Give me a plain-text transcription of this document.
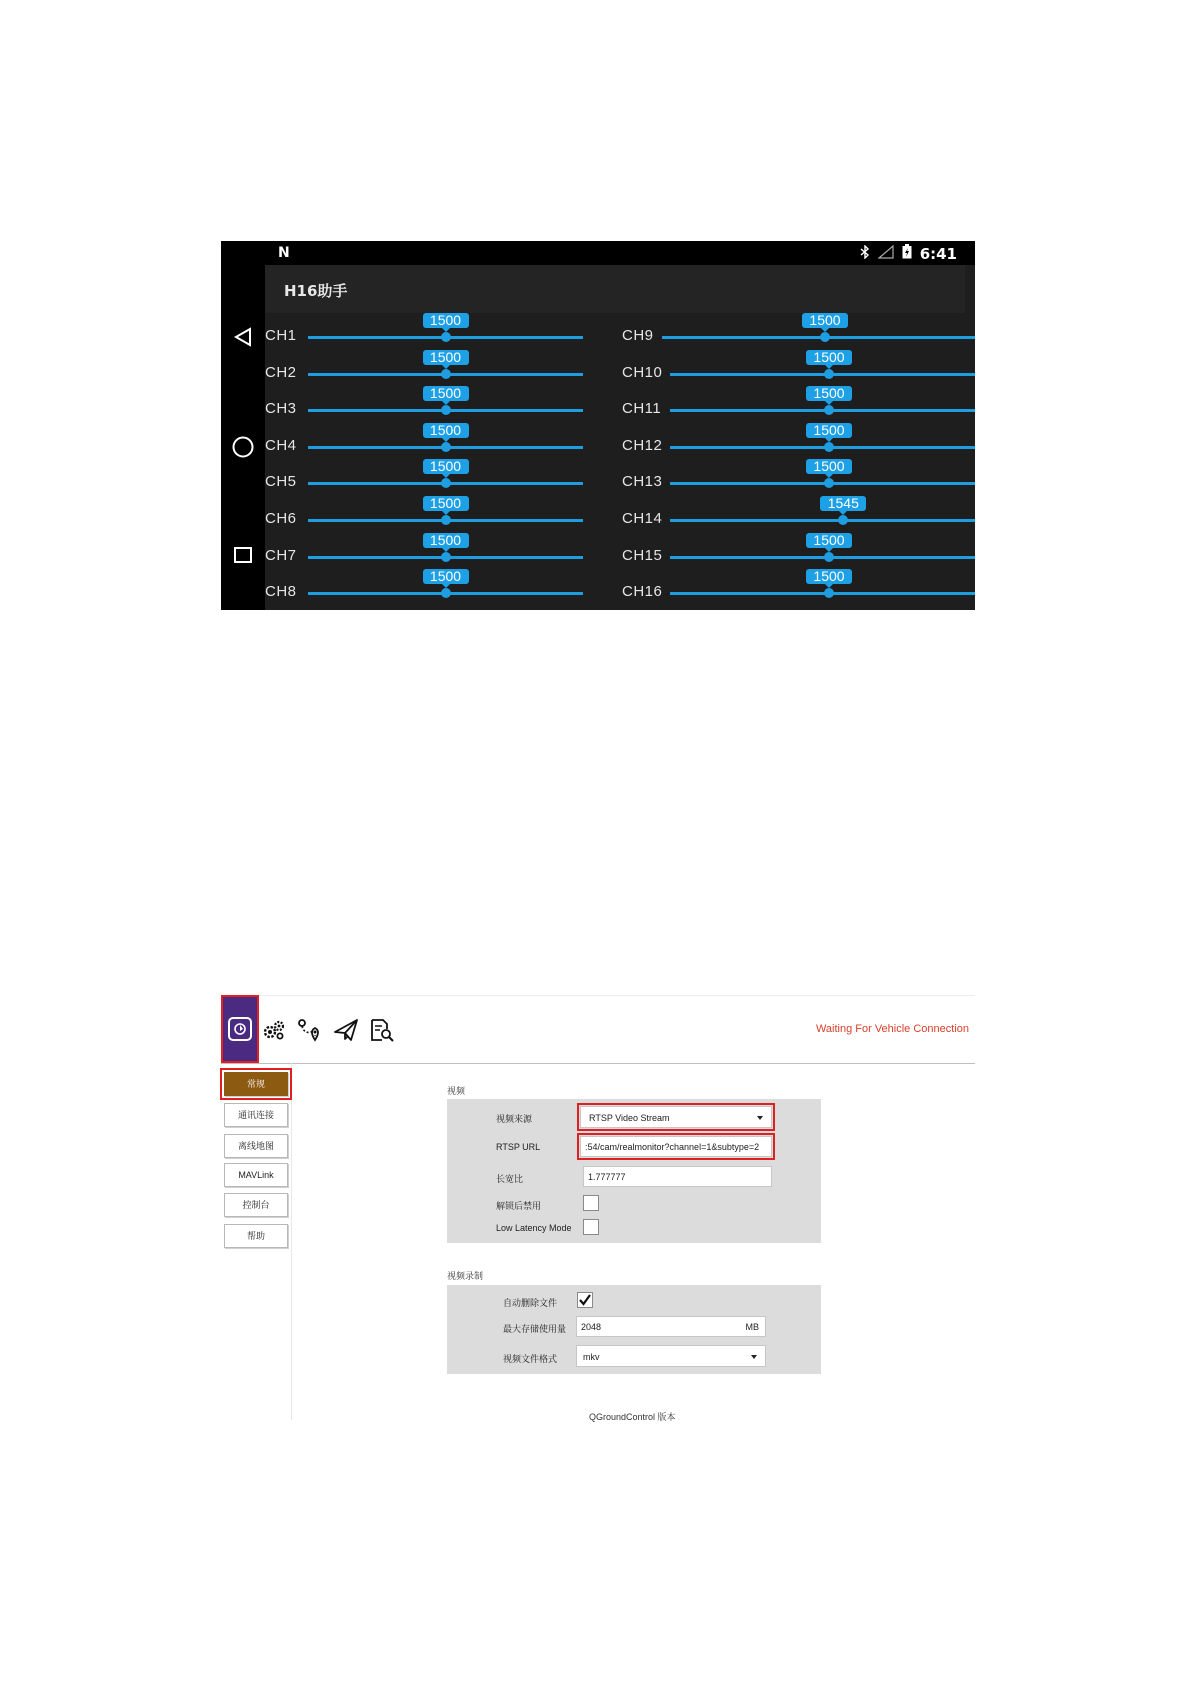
N	6:41
H16助手
CH1
1500
CH2
1500
CH3
1500
CH4
1500
CH5
1500
CH6
1500
CH7
1500
CH8
1500
CH9
1500
CH10
1500
CH11
1500
CH12
1500
CH13
1500
CH14
1545
CH15
1500
CH16
1500
Waiting For Vehicle Connection
常规
通讯连接
离线地图
MAVLink
控制台
帮助
视频
视频来源	RTSP Video Stream
RTSP URL	:54/cam/realmonitor?channel=1&subtype=2
长宽比	1.777777
解锁后禁用
Low Latency Mode
视频录制
自动删除文件
最大存储使用量	2048	MB
视频文件格式	mkv
QGroundControl 版本
